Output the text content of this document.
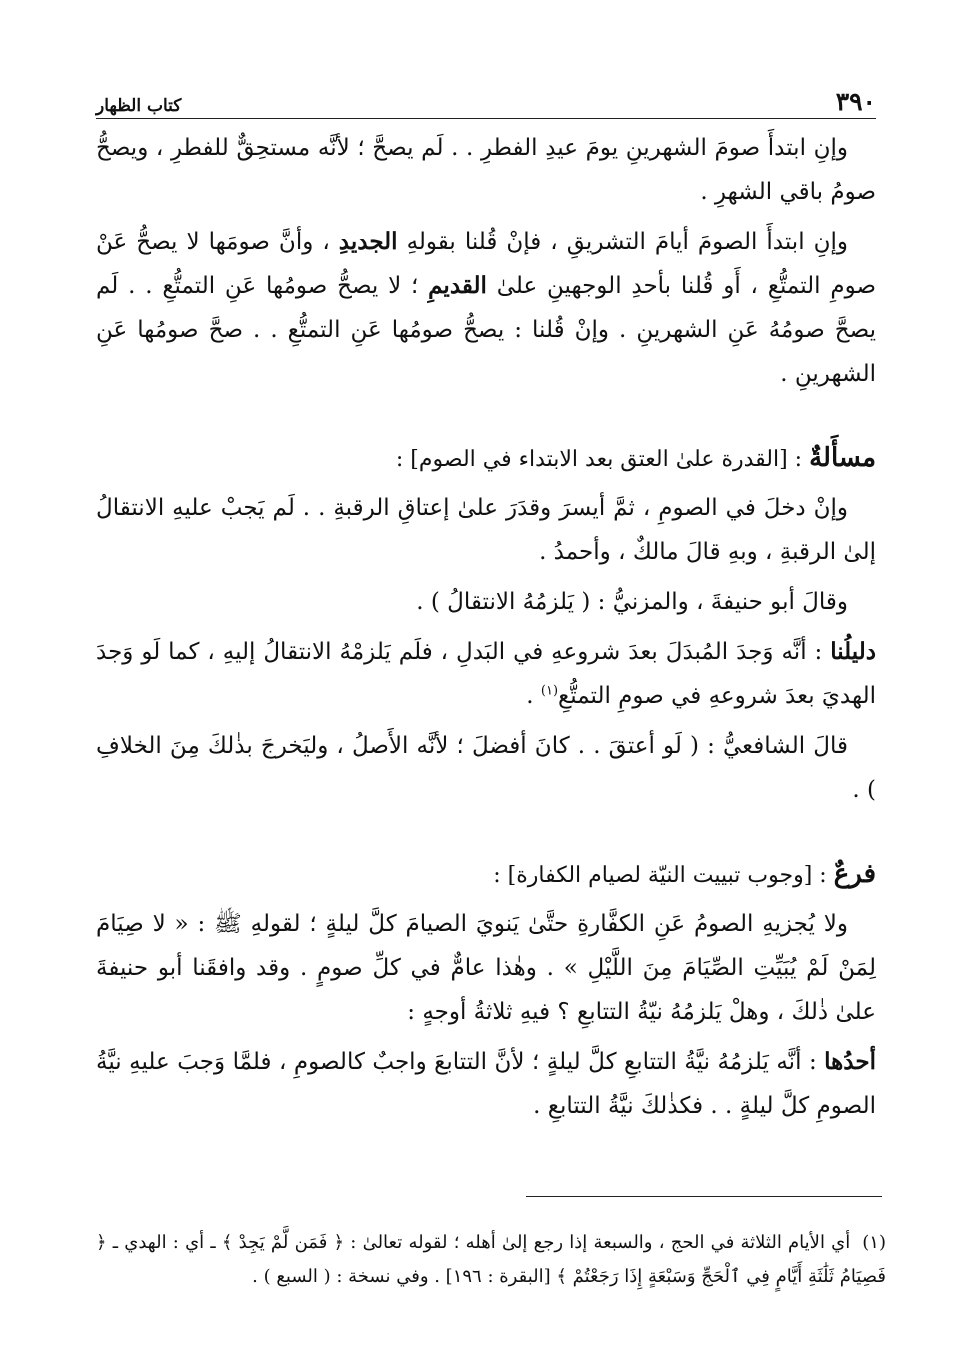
٣٩٠
كتاب الظهار

وإنِ ابتدأَ صومَ الشهرينِ يومَ عيدِ الفطرِ . . لَم يصحَّ ؛ لأنَّه مستحِقٌّ للفطرِ ، ويصحُّ صومُ باقي الشهرِ .

وإنِ ابتدأَ الصومَ أيامَ التشريقِ ، فإنْ قُلنا بقولهِ الجديدِ ، وأنَّ صومَها لا يصحُّ عَنْ صومِ التمتُّعِ ، أَو قُلنا بأحدِ الوجهينِ علىٰ القديمِ ؛ لا يصحُّ صومُها عَنِ التمتُّعِ . . لَم يصحَّ صومُهُ عَنِ الشهرينِ . وإنْ قُلنا : يصحُّ صومُها عَنِ التمتُّعِ . . صحَّ صومُها عَنِ الشهرينِ .

مسأَلةٌ : [القدرة علىٰ العتق بعد الابتداء في الصوم] :

وإنْ دخلَ في الصومِ ، ثمَّ أيسرَ وقدَرَ علىٰ إعتاقِ الرقبةِ . . لَم يَجبْ عليهِ الانتقالُ إلىٰ الرقبةِ ، وبهِ قالَ مالكٌ ، وأحمدُ .

وقالَ أبو حنيفةَ ، والمزنيُّ : ( يَلزمُهُ الانتقالُ ) .

دليلُنا : أنَّه وَجدَ المُبدَلَ بعدَ شروعهِ في البَدلِ ، فلَم يَلزمْهُ الانتقالُ إليهِ ، كما لَو وَجدَ الهديَ بعدَ شروعهِ في صومِ التمتُّعِ$^{(١)}$ .

قالَ الشافعيُّ : ( لَو أعتقَ . . كانَ أفضلَ ؛ لأنَّه الأَصلُ ، وليَخرجَ بذٰلكَ مِنَ الخلافِ ) .

فرعٌ : [وجوب تبييت النيّة لصيام الكفارة] :

ولا يُجزيهِ الصومُ عَنِ الكفَّارةِ حتَّىٰ يَنويَ الصيامَ كلَّ ليلةٍ ؛ لقولهِ ﷺ : « لا صِيَامَ لِمَنْ لَمْ يُبَيِّتِ الصِّيَامَ مِنَ اللَّيْلِ » . وهٰذا عامٌّ في كلِّ صومٍ . وقد وافقَنا أبو حنيفةَ علىٰ ذٰلكَ ، وهلْ يَلزمُهُ نيّةُ التتابعِ ؟ فيهِ ثلاثةُ أوجهٍ :

أحدُها : أنَّه يَلزمُهُ نيَّةُ التتابعِ كلَّ ليلةٍ ؛ لأنَّ التتابعَ واجبٌ كالصومِ ، فلمَّا وَجبَ عليهِ نيَّةُ الصومِ كلَّ ليلةٍ . . فكذٰلكَ نيَّةُ التتابعِ .

(١)أي الأيام الثلاثة في الحج ، والسبعة إذا رجع إلىٰ أهله ؛ لقوله تعالىٰ : ﴿ فَمَن لَّمْ يَجِدْ ﴾ ـ أي : الهدي ـ ﴿ فَصِيَامُ ثَلَٰثَةِ أَيَّامٍ فِي ٱلْحَجِّ وَسَبْعَةٍ إِذَا رَجَعْتُمْ ﴾ [البقرة : ١٩٦] . وفي نسخة : ( السبع ) .
